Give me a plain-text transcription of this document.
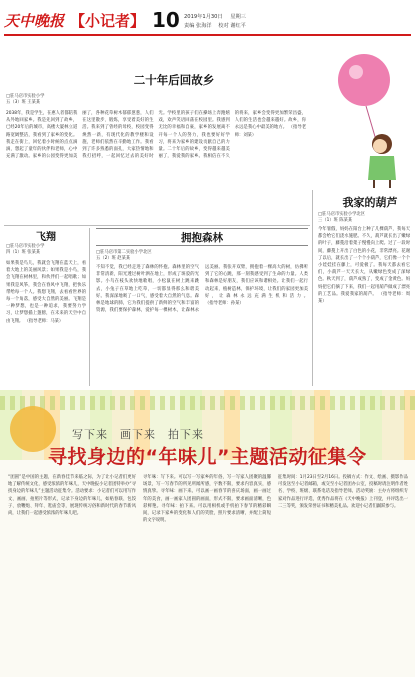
天中晚报 【小记者】 10 2019年1月30日 星期三
责编 张海洋 校对 谢红平
二十年后回故乡
□驻马店市实验小学
五（3）班 王某某
2038年，我是学生，在惠人者都陪我从外地回家乡。我是先回到了故乡，已经20年后的城市，高楼大厦林立道路宽阔整洁，我看到了家乡的变化。我走在街上，回忆着小时候的点点滴滴，想起了童年的伙伴和老师，心中充满了激动。家乡的公园变得更加美丽了，各种花草树木郁郁葱葱，人们在这里散步、锻炼，享受着美好的生活。我来到了曾经的母校，校园变得焕然一新，有现代化的教学楼和设施，老师们依然在辛勤地工作。我看到了许多熟悉的面孔，大家热情地和我打招呼，一起回忆过去的美好时光。学校里的孩子们在操场上奔跑嬉戏，欢声笑语回荡在校园里。我感到无比的幸福和自豪，家乡的发展离不开每一个人的努力，我也要好好学习，将来为家乡的建设贡献自己的力量。二十年后的故乡，变得越来越美丽了，我爱我的家乡。我相信在不久的将来，家乡会变得更加繁荣昌盛，人们的生活也会越来越好。故乡，你永远是我心中最美的地方。 （指导老师：刘某）
我家的葫芦
□驻马店市实验小学北区
三（1）班 陈某某
今年暑假，妈妈在阳台上种了几棵葫芦，我每天都会给它们浇水施肥。不久，葫芦就长出了嫩绿的叶子，藤蔓沿着架子慢慢向上爬。过了一段时间，藤蔓上开出了白色的小花，非常漂亮。花谢了以后，就长出了一个个小葫芦，它们像一个个小娃娃挂在藤上，可爱极了。我每天都去看它们，小葫芦一天天长大，从嫩绿色变成了深绿色。秋天到了，葫芦成熟了，变成了金黄色。妈妈把它们摘了下来，我们一起用葫芦做成了漂亮的工艺品。我爱我家的葫芦。 （指导老师：周某）
飞翔
□驻马店市实验小学
四（1）班 张某某
如果我是鸟儿，我就会飞翔在蓝天上，看着大地上的美丽风景；如果我是小鸟，我会飞翔在树林里，和伙伴们一起唱歌；如果我是风筝，我会在春风中飞翔，把快乐带给每一个人。我想飞翔，去看看世界的每一个角落，感受大自然的美丽。飞翔是一种梦想，也是一种追求，我要努力学习，让梦想插上翅膀，在未来的天空中自由飞翔。 （指导老师：马某）
拥抱森林
□驻马店市第二实验小学北区
五（2）班 赵某某
不知不觉，我已经走进了森林的怀抱。森林里的空气非常清新，阳光透过树叶洒在地上，形成了斑驳的光影。小鸟在枝头欢快地歌唱，小松鼠在树上跳来跳去，小兔子在草地上吃草，一切都显得那么和谐美好。我深深地吸了一口气，感受着大自然的气息。森林是地球的肺，它为我们提供了新鲜的空气和丰富的资源，我们要保护森林，爱护每一棵树木，让森林永远美丽。我张开双臂，拥抱着一棵高大的树，仿佛听到了它的心跳，那一刻我感受到了生命的力量。人类和森林是好朋友，我们应该和谐相处。让我们一起行动起来，植树造林，保护环境，让我们的家园更加美好，让森林永远充满生机和活力。 （指导老师：孙某）
写下来　画下来　拍下来
寻找身边的“年味儿”主题活动征集令
“团圆”是中国的主题，在新春佳节来临之际，为了让小记者们更好地了解传统文化，感受浓浓的年味儿，天中晚报小记者团特举办“寻找身边的年味儿”主题活动征集令。活动要求：小记者们可以用写作文、画画、拍照片等形式，记录下身边的年味儿，如贴春联、包饺子、放鞭炮、拜年、逛庙会等，展现传统习俗和新时代的春节新风尚，让我们一起感受浓浓的年味儿吧。
寻年味：写下来。可以写一写家乡的年俗，写一写家人团聚的温馨场景，写一写春节的所见所闻所感，字数不限，要求内容真实，感情真挚。寻年味：画下来。可以画一画春节的喜庆场面，画一画过年的美食，画一画家人团圆的画面，形式不限，要求画面清晰，色彩鲜艳。寻年味：拍下来。可以用相机或手机拍下春节的精彩瞬间，记录下家乡的变化和人们的笑脸，照片要求清晰，并配上简短的文字说明。
征集时间：1月23日至2月16日。投稿方式：作文、绘画、摄影作品可发送至小记者邮箱，或交至小记者团办公室，投稿时请注明作者姓名、学校、班级、联系电话及指导老师。活动奖励：主办方将组织专家对作品进行评选，优秀作品将在《天中晚报》上刊登，并评选出一二三等奖，颁发荣誉证书和精美礼品。欢迎小记者们踊跃参与。
